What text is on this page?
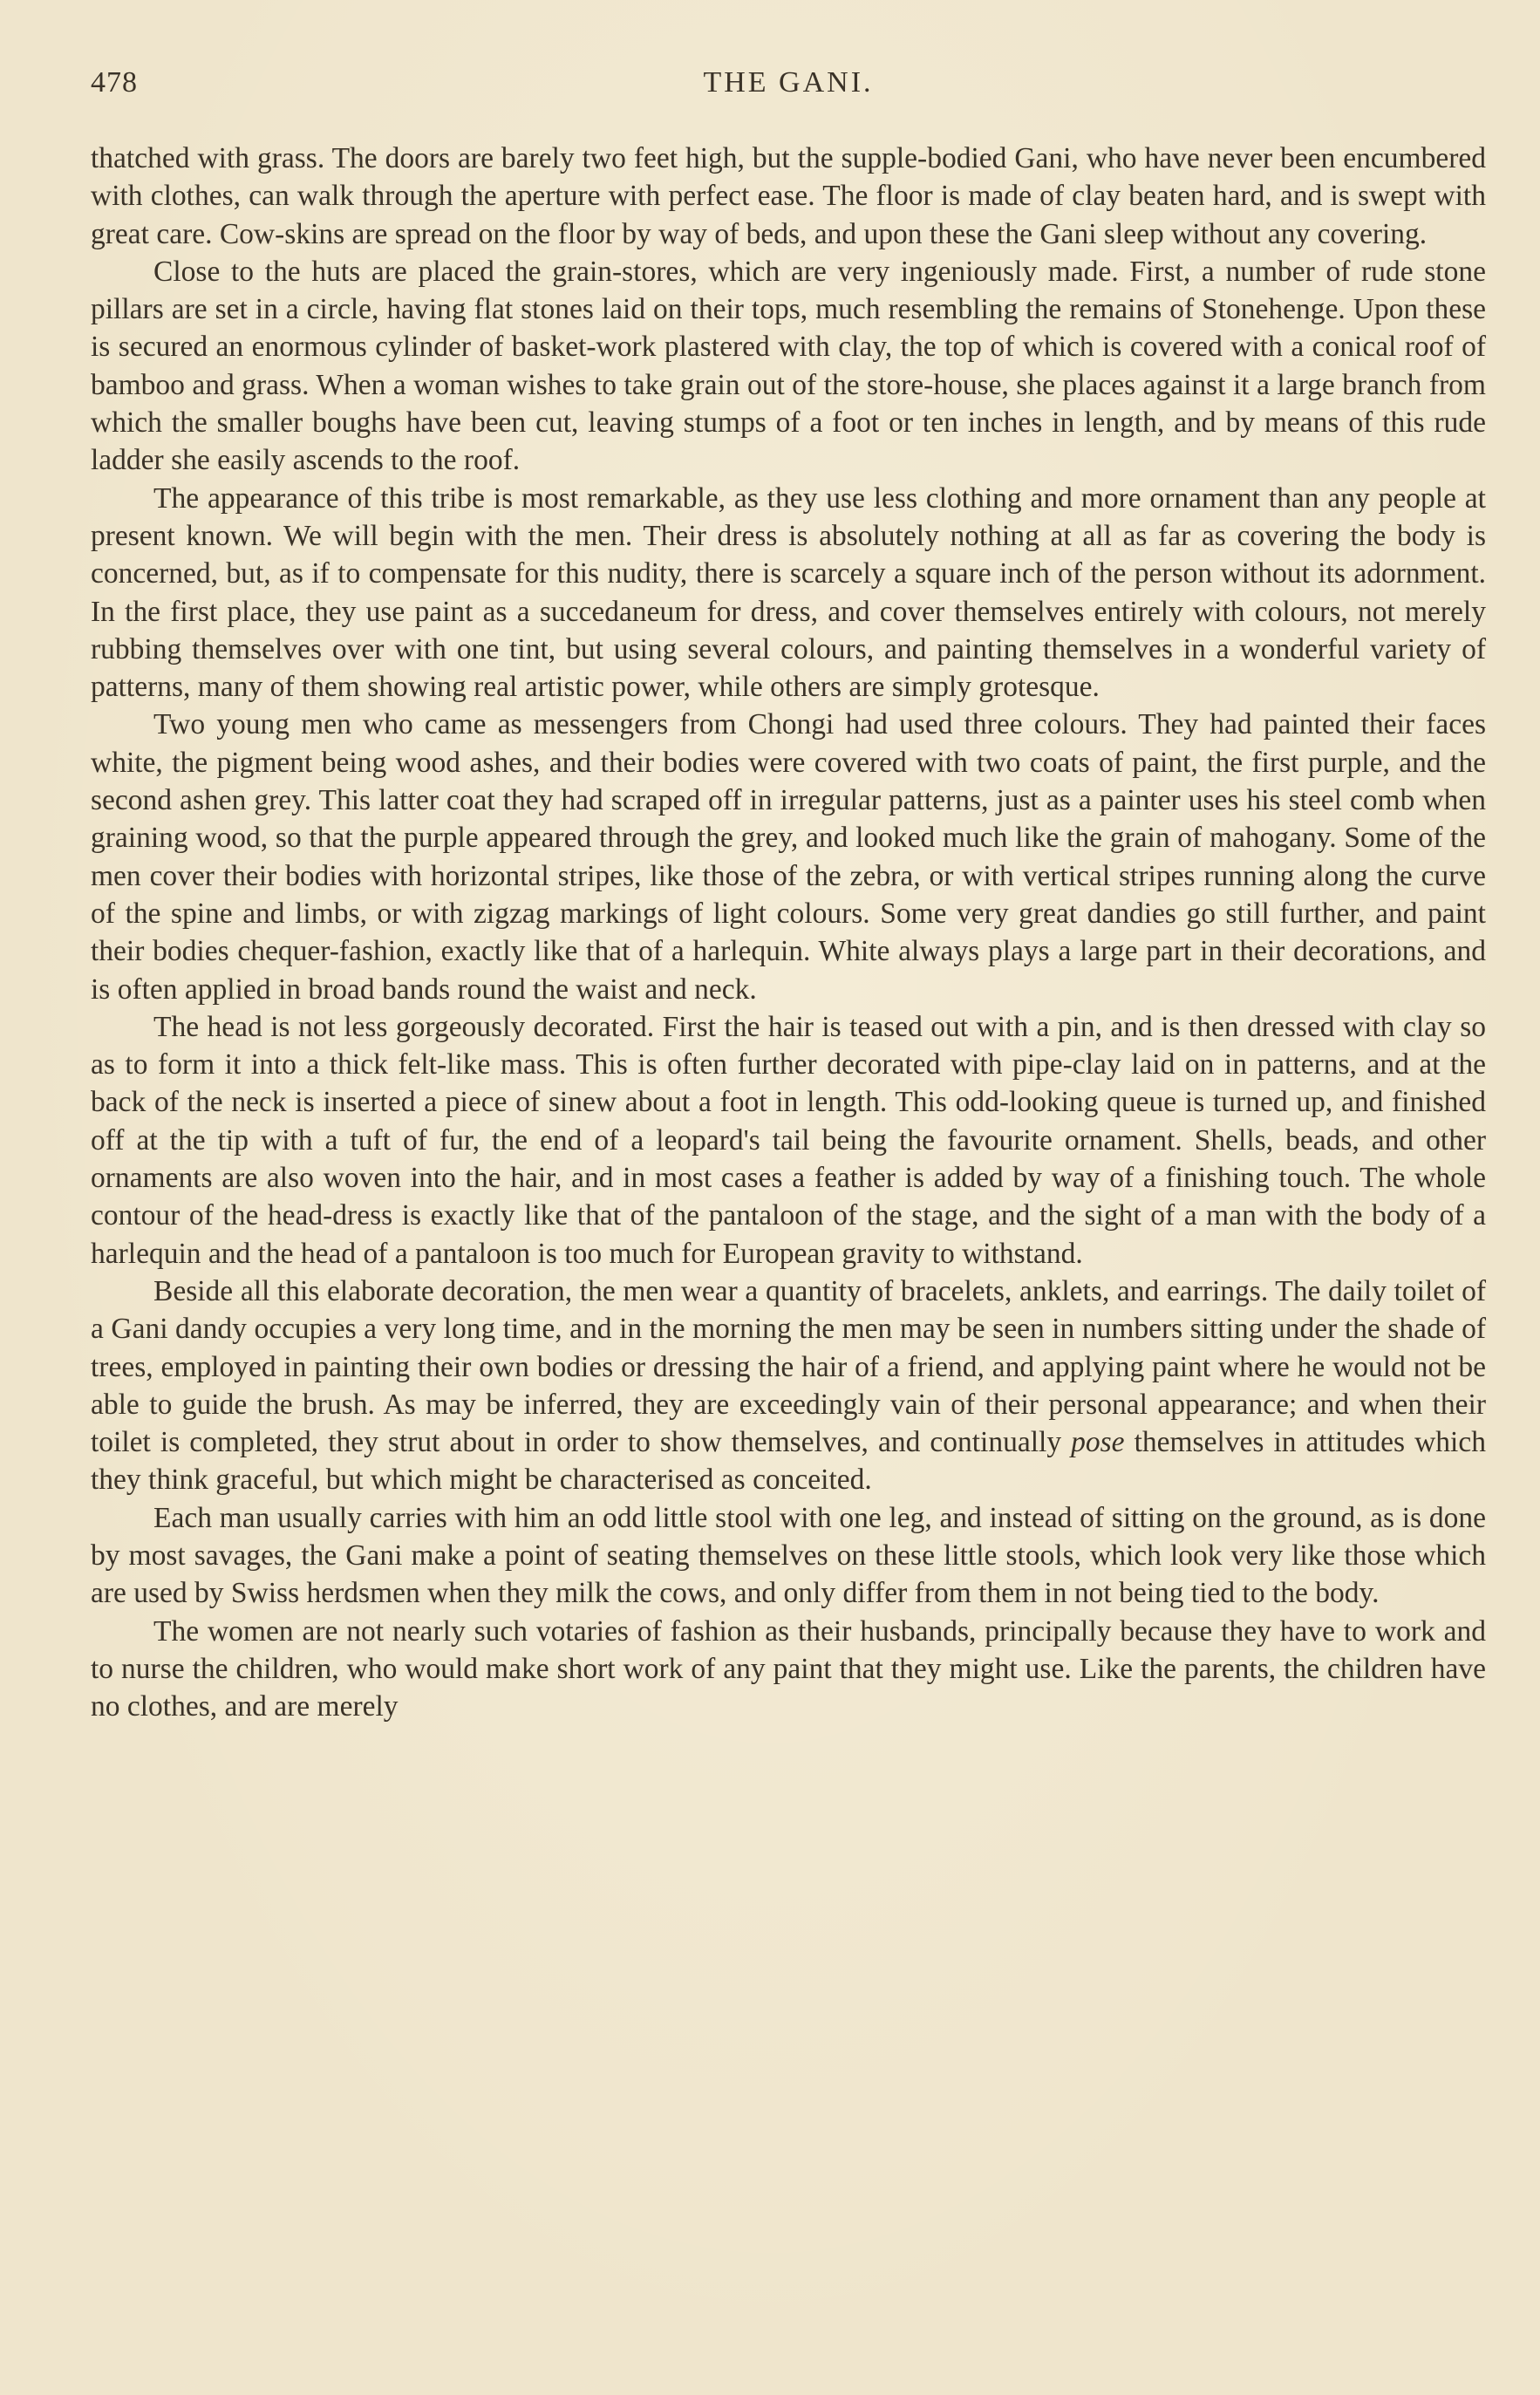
478	THE GANI.

thatched with grass. The doors are barely two feet high, but the supple-bodied Gani, who have never been encumbered with clothes, can walk through the aperture with perfect ease. The floor is made of clay beaten hard, and is swept with great care. Cow-skins are spread on the floor by way of beds, and upon these the Gani sleep without any covering.

Close to the huts are placed the grain-stores, which are very ingeniously made. First, a number of rude stone pillars are set in a circle, having flat stones laid on their tops, much resembling the remains of Stonehenge. Upon these is secured an enormous cylinder of basket-work plastered with clay, the top of which is covered with a conical roof of bamboo and grass. When a woman wishes to take grain out of the store-house, she places against it a large branch from which the smaller boughs have been cut, leaving stumps of a foot or ten inches in length, and by means of this rude ladder she easily ascends to the roof.

The appearance of this tribe is most remarkable, as they use less clothing and more ornament than any people at present known. We will begin with the men. Their dress is absolutely nothing at all as far as covering the body is concerned, but, as if to compensate for this nudity, there is scarcely a square inch of the person without its adornment. In the first place, they use paint as a succedaneum for dress, and cover themselves entirely with colours, not merely rubbing themselves over with one tint, but using several colours, and painting themselves in a wonderful variety of patterns, many of them showing real artistic power, while others are simply grotesque.

Two young men who came as messengers from Chongi had used three colours. They had painted their faces white, the pigment being wood ashes, and their bodies were covered with two coats of paint, the first purple, and the second ashen grey. This latter coat they had scraped off in irregular patterns, just as a painter uses his steel comb when graining wood, so that the purple appeared through the grey, and looked much like the grain of mahogany. Some of the men cover their bodies with horizontal stripes, like those of the zebra, or with vertical stripes running along the curve of the spine and limbs, or with zigzag markings of light colours. Some very great dandies go still further, and paint their bodies chequer-fashion, exactly like that of a harlequin. White always plays a large part in their decorations, and is often applied in broad bands round the waist and neck.

The head is not less gorgeously decorated. First the hair is teased out with a pin, and is then dressed with clay so as to form it into a thick felt-like mass. This is often further decorated with pipe-clay laid on in patterns, and at the back of the neck is inserted a piece of sinew about a foot in length. This odd-looking queue is turned up, and finished off at the tip with a tuft of fur, the end of a leopard's tail being the favourite ornament. Shells, beads, and other ornaments are also woven into the hair, and in most cases a feather is added by way of a finishing touch. The whole contour of the head-dress is exactly like that of the pantaloon of the stage, and the sight of a man with the body of a harlequin and the head of a pantaloon is too much for European gravity to withstand.

Beside all this elaborate decoration, the men wear a quantity of bracelets, anklets, and earrings. The daily toilet of a Gani dandy occupies a very long time, and in the morning the men may be seen in numbers sitting under the shade of trees, employed in painting their own bodies or dressing the hair of a friend, and applying paint where he would not be able to guide the brush. As may be inferred, they are exceedingly vain of their personal appearance; and when their toilet is completed, they strut about in order to show themselves, and continually pose themselves in attitudes which they think graceful, but which might be characterised as conceited.

Each man usually carries with him an odd little stool with one leg, and instead of sitting on the ground, as is done by most savages, the Gani make a point of seating themselves on these little stools, which look very like those which are used by Swiss herdsmen when they milk the cows, and only differ from them in not being tied to the body.

The women are not nearly such votaries of fashion as their husbands, principally because they have to work and to nurse the children, who would make short work of any paint that they might use. Like the parents, the children have no clothes, and are merely
